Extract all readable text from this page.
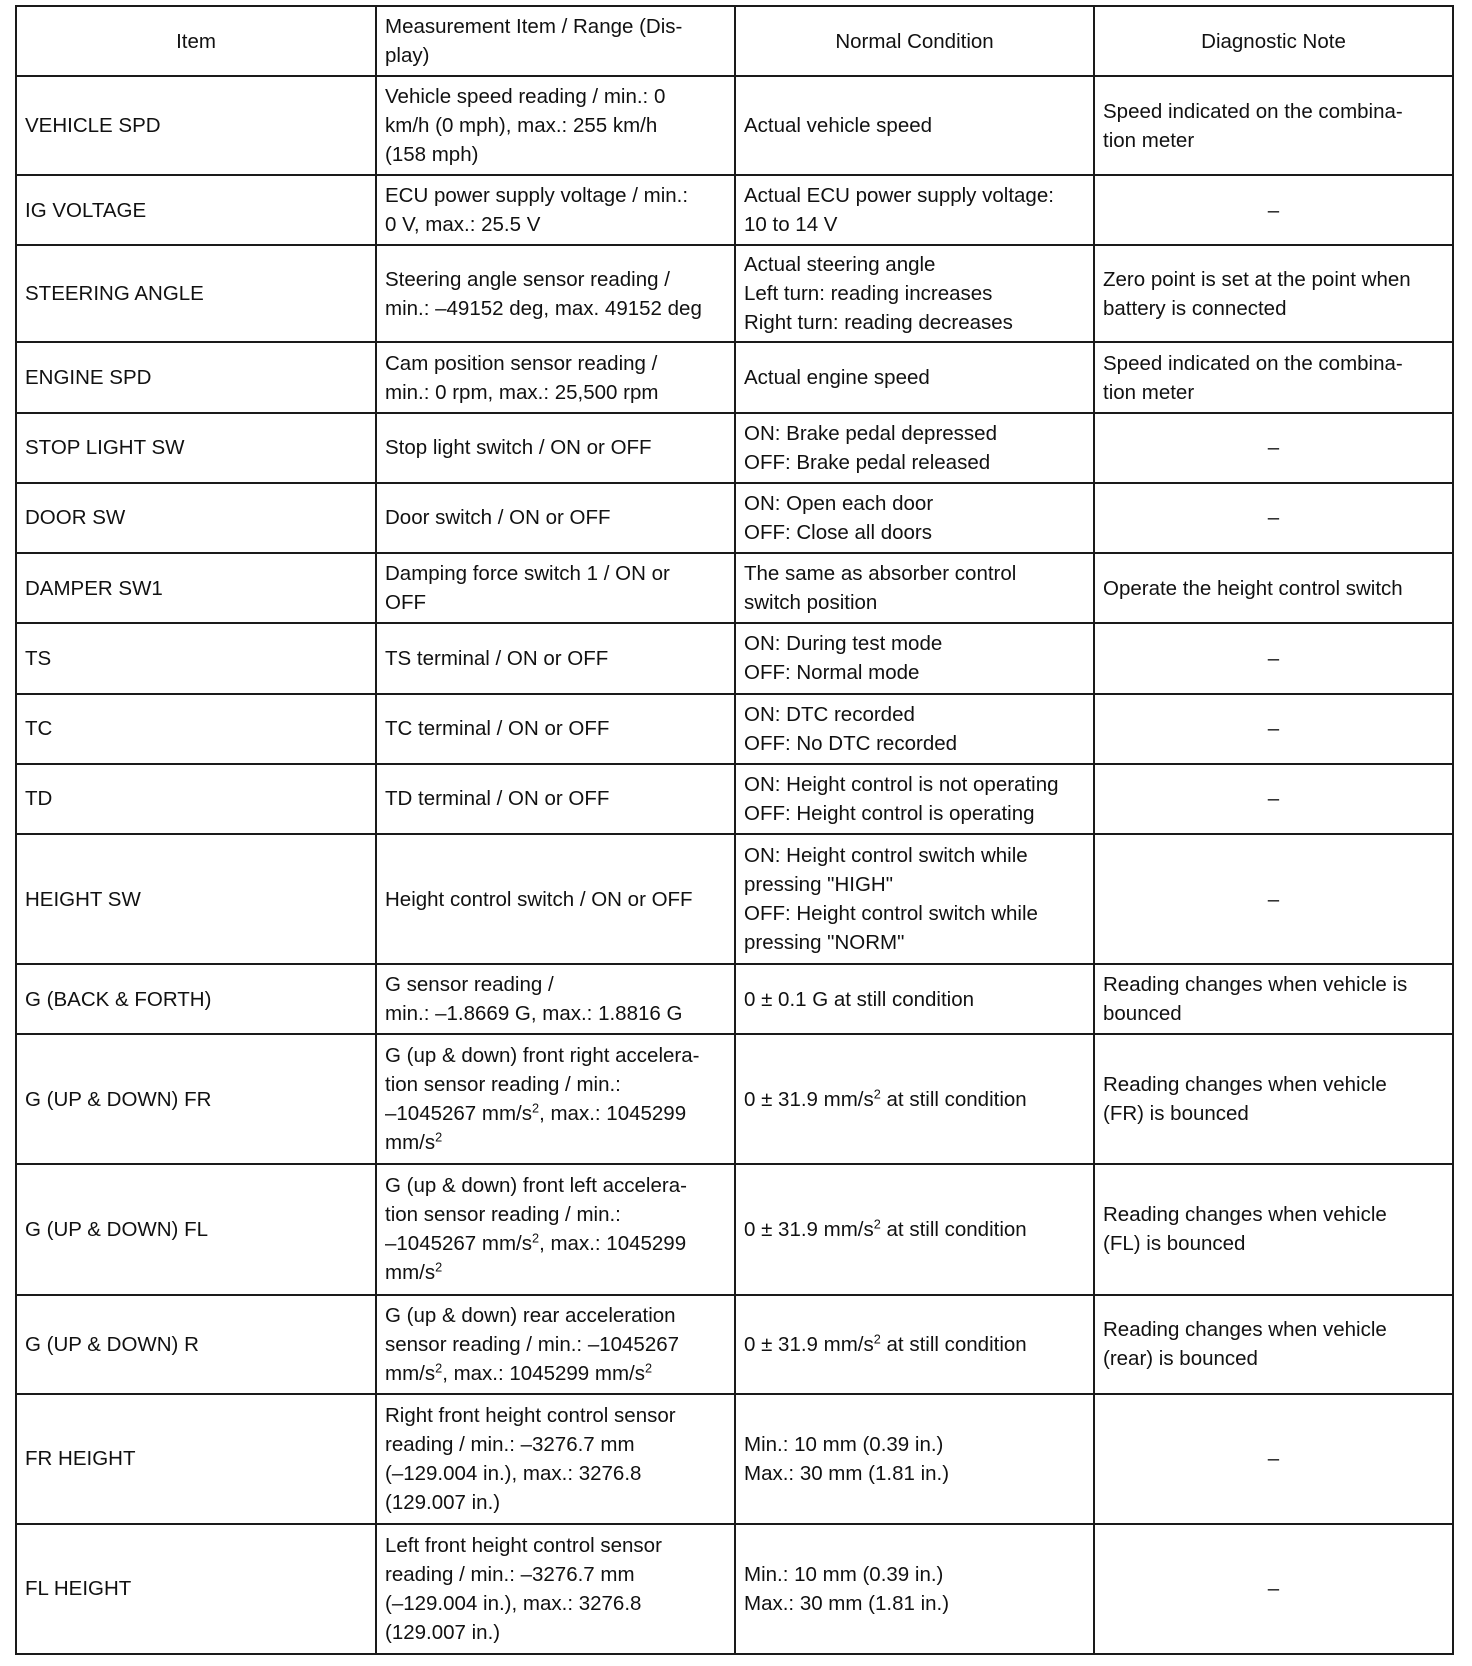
Item	Measurement Item / Range (Dis-
play)	Normal Condition	Diagnostic Note
VEHICLE SPD	Vehicle speed reading / min.: 0
km/h (0 mph), max.: 255 km/h
(158 mph)	Actual vehicle speed	Speed indicated on the combina-
tion meter

IG VOLTAGE	ECU power supply voltage / min.:
0 V, max.: 25.5 V	Actual ECU power supply voltage:
10 to 14 V	–

STEERING ANGLE	Steering angle sensor reading /
min.: –49152 deg, max. 49152 deg	Actual steering angle
Left turn: reading increases
Right turn: reading decreases	Zero point is set at the point when
battery is connected

ENGINE SPD	Cam position sensor reading /
min.: 0 rpm, max.: 25,500 rpm	Actual engine speed	Speed indicated on the combina-
tion meter

STOP LIGHT SW	Stop light switch / ON or OFF	ON: Brake pedal depressed
OFF: Brake pedal released	–

DOOR SW	Door switch / ON or OFF	ON: Open each door
OFF: Close all doors	–

DAMPER SW1	Damping force switch 1 / ON or
OFF	The same as absorber control
switch position	Operate the height control switch

TS	TS terminal / ON or OFF	ON: During test mode
OFF: Normal mode	–

TC	TC terminal / ON or OFF	ON: DTC recorded
OFF: No DTC recorded	–

TD	TD terminal / ON or OFF	ON: Height control is not operating
OFF: Height control is operating	–

HEIGHT SW	Height control switch / ON or OFF	ON: Height control switch while
pressing "HIGH"
OFF: Height control switch while
pressing "NORM"	–

G (BACK & FORTH)	G sensor reading /
min.: –1.8669 G, max.: 1.8816 G	0 ± 0.1 G at still condition	Reading changes when vehicle is
bounced

G (UP & DOWN) FR	G (up & down) front right accelera-
tion sensor reading / min.:
–1045267 $mm/s^2$, max.: 1045299
$mm/s^2$	0 ± 31.9 $mm/s^2$ at still condition	Reading changes when vehicle
(FR) is bounced

G (UP & DOWN) FL	G (up & down) front left accelera-
tion sensor reading / min.:
–1045267 $mm/s^2$, max.: 1045299
$mm/s^2$	0 ± 31.9 $mm/s^2$ at still condition	Reading changes when vehicle
(FL) is bounced

G (UP & DOWN) R	G (up & down) rear acceleration
sensor reading / min.: –1045267
$mm/s^2$, max.: 1045299 $mm/s^2$	0 ± 31.9 $mm/s^2$ at still condition	Reading changes when vehicle
(rear) is bounced

FR HEIGHT	Right front height control sensor
reading / min.: –3276.7 mm
(–129.004 in.), max.: 3276.8
(129.007 in.)	Min.: 10 mm (0.39 in.)
Max.: 30 mm (1.81 in.)	–

FL HEIGHT	Left front height control sensor
reading / min.: –3276.7 mm
(–129.004 in.), max.: 3276.8
(129.007 in.)	Min.: 10 mm (0.39 in.)
Max.: 30 mm (1.81 in.)	–
